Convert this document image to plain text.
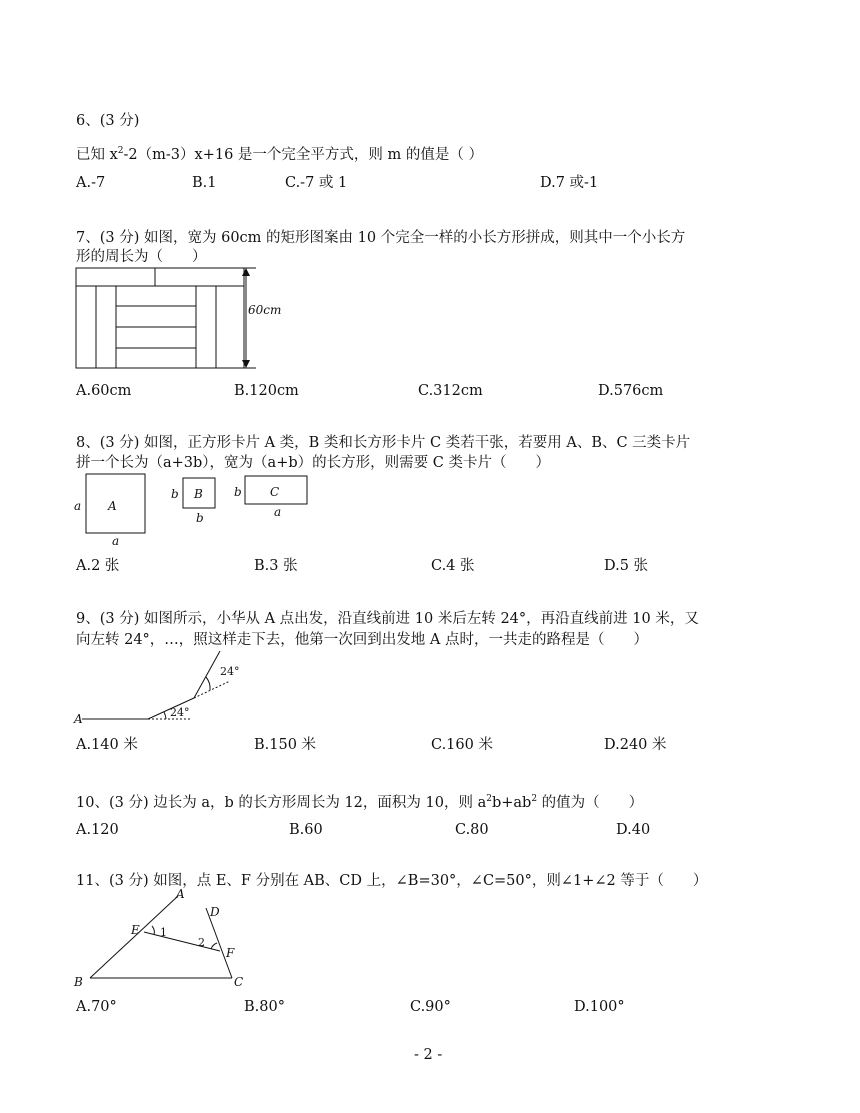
6、(3 分)
已知 $x^2-2(m-3)x+16$ 是一个完全平方式，则 m 的值是（ ）
A.-7	B.1	C.-7 或 1	D.7 或-1
7、(3 分) 如图，宽为 60cm 的矩形图案由 10 个完全一样的小长方形拼成，则其中一个小长方
形的周长为（　　）
60cm
A.60cm	B.120cm	C.312cm	D.576cm
8、(3 分) 如图，正方形卡片 A 类，B 类和长方形卡片 C 类若干张，若要用 A、B、C 三类卡片
拼一个长为（a+3b），宽为（a+b）的长方形，则需要 C 类卡片（　　）
A
a
a
B
b
b
C
b
a
A.2 张	B.3 张	C.4 张	D.5 张
9、(3 分) 如图所示，小华从 A 点出发，沿直线前进 10 米后左转 24°，再沿直线前进 10 米，又
向左转 24°，…，照这样走下去，他第一次回到出发地 A 点时，一共走的路程是（　　）
A	24°
24°
A.140 米	B.150 米	C.160 米	D.240 米
10、(3 分) 边长为 a，b 的长方形周长为 12，面积为 10，则 $a^2b+ab^2$ 的值为（　　）
A.120	B.60	C.80	D.40
11、(3 分) 如图，点 E、F 分别在 AB、CD 上，∠B=30°，∠C=50°，则∠1+∠2 等于（　　）
A
B	C
D
E
F
1
2
A.70°	B.80°	C.90°	D.100°
- 2 -
